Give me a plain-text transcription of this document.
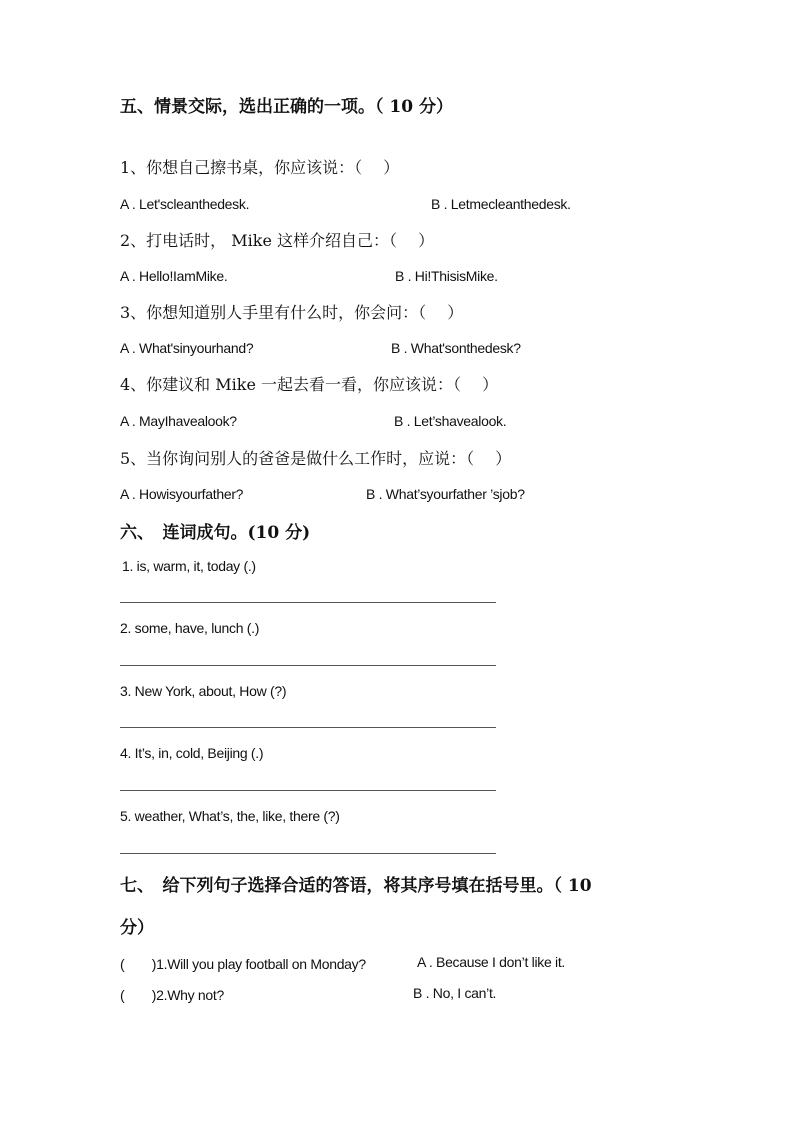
五、情景交际，选出正确的一项。（ 10 分）
1、你想自己擦书桌，你应该说：（　 ）
A . Let'scleanthedesk.	B . Letmecleanthedesk.
2、打电话时， Mike 这样介绍自己：（　 ）
A . Hello!IamMike.	B . Hi!ThisisMike.
3、你想知道别人手里有什么时，你会问：（　 ）
A . What'sinyourhand?	B . What'sonthedesk?
4、你建议和 Mike 一起去看一看，你应该说：（　 ）
A . MayIhavealook?	B . Let’shavealook.
5、当你询问别人的爸爸是做什么工作时，应说：（　 ）
A . Howisyourfather?	B . What’syourfather ’sjob?
六、　连词成句。(10 分)
1. is, warm, it, today (.)
2. some, have, lunch (.)
3. New York, about, How (?)
4. It’s, in, cold, Beijing (.)
5. weather, What’s, the, like, there (?)
七、　给下列句子选择合适的答语，将其序号填在括号里。（ 10
分）
(　　)1.Will you play football on Monday?	A . Because I don’t like it.
(　　)2.Why not?	B . No, I can’t.
